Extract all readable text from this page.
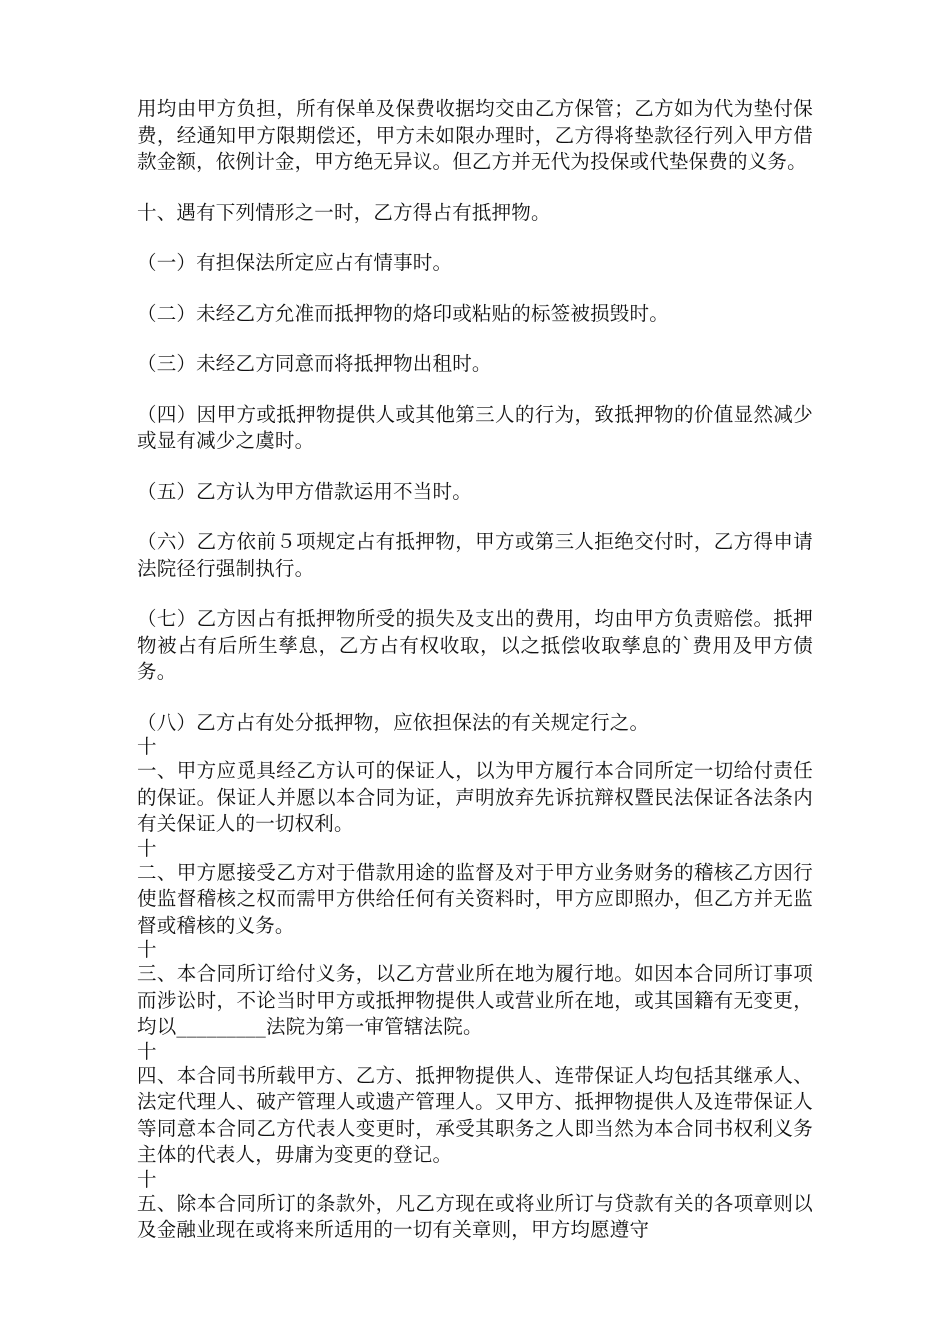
用均由甲方负担，所有保单及保费收据均交由乙方保管；乙方如为代为垫付保费，经通知甲方限期偿还，甲方未如限办理时，乙方得将垫款径行列入甲方借款金额，依例计金，甲方绝无异议。但乙方并无代为投保或代垫保费的义务。

十、遇有下列情形之一时，乙方得占有抵押物。

（一）有担保法所定应占有情事时。

（二）未经乙方允准而抵押物的烙印或粘贴的标签被损毁时。

（三）未经乙方同意而将抵押物出租时。

（四）因甲方或抵押物提供人或其他第三人的行为，致抵押物的价值显然减少或显有减少之虞时。

（五）乙方认为甲方借款运用不当时。

（六）乙方依前５项规定占有抵押物，甲方或第三人拒绝交付时，乙方得申请法院径行强制执行。

（七）乙方因占有抵押物所受的损失及支出的费用，均由甲方负责赔偿。抵押物被占有后所生孳息，乙方占有权收取，以之抵偿收取孳息的`费用及甲方债务。

（八）乙方占有处分抵押物，应依担保法的有关规定行之。

十

一、甲方应觅具经乙方认可的保证人，以为甲方履行本合同所定一切给付责任的保证。保证人并愿以本合同为证，声明放弃先诉抗辩权暨民法保证各法条内有关保证人的一切权利。

十

二、甲方愿接受乙方对于借款用途的监督及对于甲方业务财务的稽核乙方因行使监督稽核之权而需甲方供给任何有关资料时，甲方应即照办，但乙方并无监督或稽核的义务。

十

三、本合同所订给付义务，以乙方营业所在地为履行地。如因本合同所订事项而涉讼时，不论当时甲方或抵押物提供人或营业所在地，或其国籍有无变更，均以_________法院为第一审管辖法院。

十

四、本合同书所载甲方、乙方、抵押物提供人、连带保证人均包括其继承人、法定代理人、破产管理人或遗产管理人。又甲方、抵押物提供人及连带保证人等同意本合同乙方代表人变更时，承受其职务之人即当然为本合同书权利义务主体的代表人，毋庸为变更的登记。

十

五、除本合同所订的条款外，凡乙方现在或将业所订与贷款有关的各项章则以及金融业现在或将来所适用的一切有关章则，甲方均愿遵守
